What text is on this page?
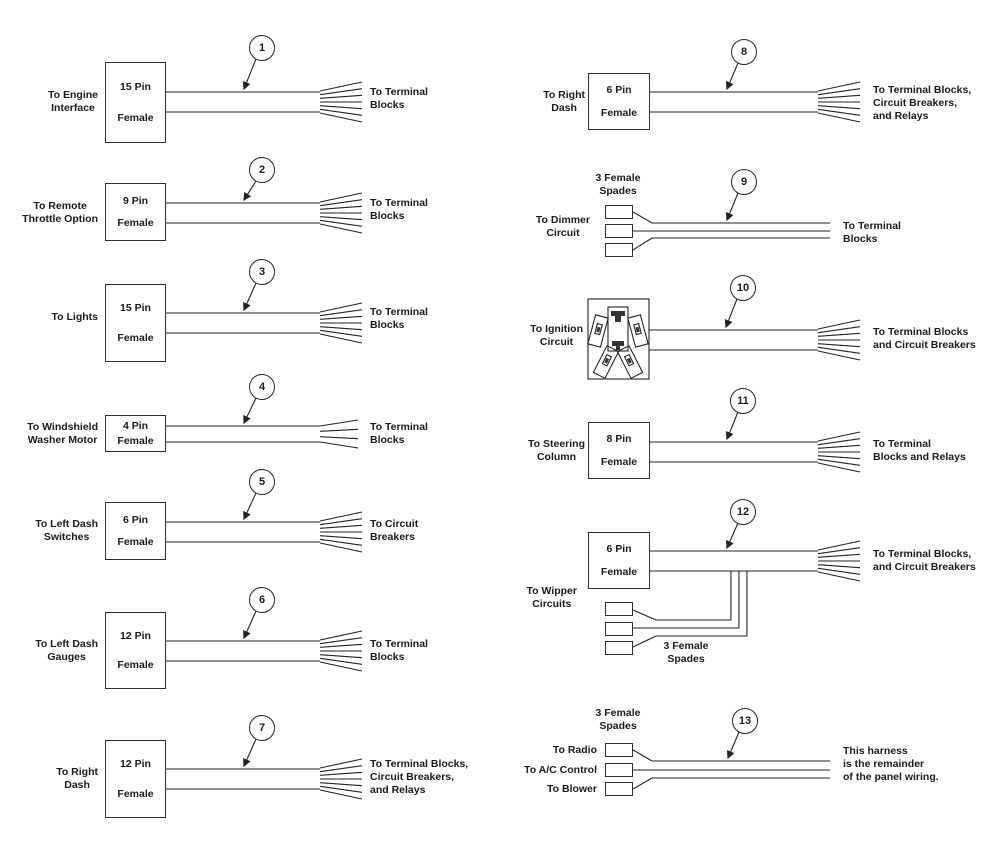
To Engine
Interface
15 Pin
Female
1
To Terminal
Blocks
To Remote
Throttle Option
9 Pin
Female
2
To Terminal
Blocks
To Lights
15 Pin
Female
3
To Terminal
Blocks
To Windshield
Washer Motor
4 Pin
Female
4
To Terminal
Blocks
To Left Dash
Switches
6 Pin
Female
5
To Circuit
Breakers
To Left Dash
Gauges
12 Pin
Female
6
To Terminal
Blocks
To Right
Dash
12 Pin
Female
7
To Terminal Blocks,
Circuit Breakers,
and Relays
To Right
Dash
6 Pin
Female
8
To Terminal Blocks,
Circuit Breakers,
and Relays
3 Female
Spades
To Dimmer
Circuit
9
To Terminal
Blocks
To Ignition
Circuit
10
To Terminal Blocks
and Circuit Breakers
To Steering
Column
8 Pin
Female
11
To Terminal
Blocks and Relays
6 Pin
Female
12
To Terminal Blocks,
and Circuit Breakers
To Wipper
Circuits
3 Female
Spades
3 Female
Spades
To Radio
To A/C Control
To Blower
13
This harness
is the remainder
of the panel wiring.
